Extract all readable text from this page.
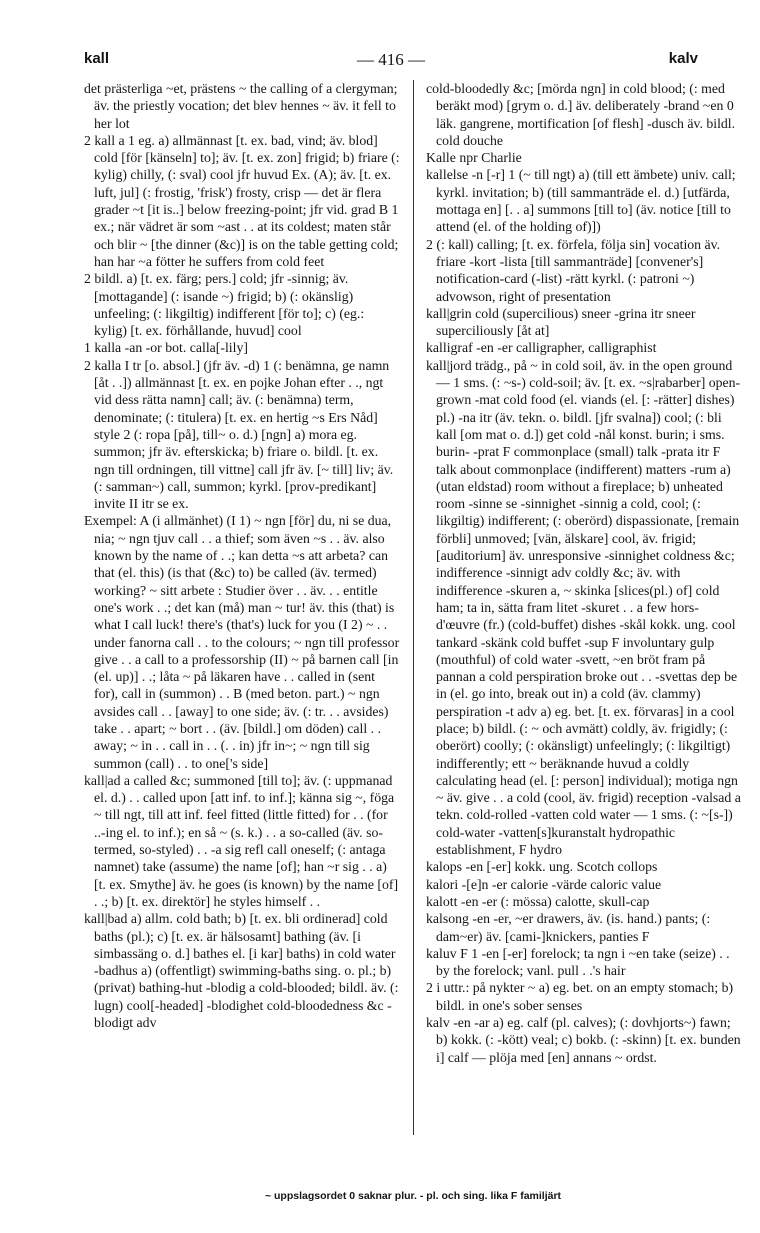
kall	— 416 —	kalv

det prästerliga ~et, prästens ~ the calling of a clergyman; äv. the priestly vocation; det blev hennes ~ äv. it fell to her lot

2 kall a 1 eg. a) allmännast [t. ex. bad, vind; äv. blod] cold [för [känseln] to]; äv. [t. ex. zon] frigid; b) friare (: kylig) chilly, (: sval) cool jfr huvud Ex. (A); äv. [t. ex. luft, jul] (: frostig, 'frisk') frosty, crisp — det är flera grader ~t [it is..] below freezing-point; jfr vid. grad B 1 ex.; när vädret är som ~ast . . at its coldest; maten står och blir ~ [the dinner (&c)] is on the table getting cold; han har ~a fötter he suffers from cold feet

2 bildl. a) [t. ex. färg; pers.] cold; jfr -sinnig; äv. [mottagande] (: isande ~) frigid; b) (: okänslig) unfeeling; (: likgiltig) indifferent [för to]; c) (eg.: kylig) [t. ex. förhållande, huvud] cool

1 kalla -an -or bot. calla[-lily]

2 kalla I tr [o. absol.] (jfr äv. -d) 1 (: benämna, ge namn [åt . .]) allmännast [t. ex. en pojke Johan efter . ., ngt vid dess rätta namn] call; äv. (: benämna) term, denominate; (: titulera) [t. ex. en hertig ~s Ers Nåd] style 2 (: ropa [på], till~ o. d.) [ngn] a) mora eg. summon; jfr äv. efterskicka; b) friare o. bildl. [t. ex. ngn till ordningen, till vittne] call jfr äv. [~ till] liv; äv. (: samman~) call, summon; kyrkl. [prov-predikant] invite II itr se ex.

Exempel: A (i allmänhet) (I 1) ~ ngn [för] du, ni se dua, nia; ~ ngn tjuv call . . a thief; som även ~s . . äv. also known by the name of . .; kan detta ~s att arbeta? can that (el. this) (is that (&c) to) be called (äv. termed) working? ~ sitt arbete : Studier över . . äv. . . entitle one's work . .; det kan (må) man ~ tur! äv. this (that) is what I call luck! there's (that's) luck for you (I 2) ~ . . under fanorna call . . to the colours; ~ ngn till professor give . . a call to a professorship (II) ~ på barnen call [in (el. up)] . .; låta ~ på läkaren have . . called in (sent for), call in (summon) . . B (med beton. part.) ~ ngn avsides call . . [away] to one side; äv. (: tr. . . avsides) take . . apart; ~ bort . . (äv. [bildl.] om döden) call . . away; ~ in . . call in . . (. . in) jfr in~; ~ ngn till sig summon (call) . . to one['s side]

kall|ad a called &c; summoned [till to]; äv. (: uppmanad el. d.) . . called upon [att inf. to inf.]; känna sig ~, föga ~ till ngt, till att inf. feel fitted (little fitted) for . . (for ..-ing el. to inf.); en så ~ (s. k.) . . a so-called (äv. so-termed, so-styled) . . -a sig refl call oneself; (: antaga namnet) take (assume) the name [of]; han ~r sig . . a) [t. ex. Smythe] äv. he goes (is known) by the name [of] . .; b) [t. ex. direktör] he styles himself . .

kall|bad a) allm. cold bath; b) [t. ex. bli ordinerad] cold baths (pl.); c) [t. ex. är hälsosamt] bathing (äv. [i simbassäng o. d.] bathes el. [i kar] baths) in cold water -badhus a) (offentligt) swimming-baths sing. o. pl.; b) (privat) bathing-hut -blodig a cold-blooded; bildl. äv. (: lugn) cool[-headed] -blodighet cold-bloodedness &c -blodigt adv

cold-bloodedly &c; [mörda ngn] in cold blood; (: med beräkt mod) [grym o. d.] äv. deliberately -brand ~en 0 läk. gangrene, mortification [of flesh] -dusch äv. bildl. cold douche

Kalle npr Charlie

kallelse -n [-r] 1 (~ till ngt) a) (till ett ämbete) univ. call; kyrkl. invitation; b) (till sammanträde el. d.) [utfärda, mottaga en] [. . a] summons [till to] (äv. notice [till to attend (el. of the holding of)])

2 (: kall) calling; [t. ex. förfela, följa sin] vocation äv. friare -kort -lista [till sammanträde] [convener's] notification-card (-list) -rätt kyrkl. (: patroni ~) advowson, right of presentation

kall|grin cold (supercilious) sneer -grina itr sneer superciliously [åt at]

kalligraf -en -er calligrapher, calligraphist

kall|jord trädg., på ~ in cold soil, äv. in the open ground — 1 sms. (: ~s-) cold-soil; äv. [t. ex. ~s|rabarber] open-grown -mat cold food (el. viands (el. [: -rätter] dishes) pl.) -na itr (äv. tekn. o. bildl. [jfr svalna]) cool; (: bli kall [om mat o. d.]) get cold -nål konst. burin; i sms. burin- -prat F commonplace (small) talk -prata itr F talk about commonplace (indifferent) matters -rum a) (utan eldstad) room without a fireplace; b) unheated room -sinne se -sinnighet -sinnig a cold, cool; (: likgiltig) indifferent; (: oberörd) dispassionate, [remain förbli] unmoved; [vän, älskare] cool, äv. frigid; [auditorium] äv. unresponsive -sinnighet coldness &c; indifference -sinnigt adv coldly &c; äv. with indifference -skuren a, ~ skinka [slices(pl.) of] cold ham; ta in, sätta fram litet -skuret . . a few hors-d'œuvre (fr.) (cold-buffet) dishes -skål kokk. ung. cool tankard -skänk cold buffet -sup F involuntary gulp (mouthful) of cold water -svett, ~en bröt fram på pannan a cold perspiration broke out . . -svettas dep be in (el. go into, break out in) a cold (äv. clammy) perspiration -t adv a) eg. bet. [t. ex. förvaras] in a cool place; b) bildl. (: ~ och avmätt) coldly, äv. frigidly; (: oberört) coolly; (: okänsligt) unfeelingly; (: likgiltigt) indifferently; ett ~ beräknande huvud a coldly calculating head (el. [: person] individual); motiga ngn ~ äv. give . . a cold (cool, äv. frigid) reception -valsad a tekn. cold-rolled -vatten cold water — 1 sms. (: ~[s-]) cold-water -vatten[s]kuranstalt hydropathic establishment, F hydro

kalops -en [-er] kokk. ung. Scotch collops

kalori -[e]n -er calorie -värde caloric value

kalott -en -er (: mössa) calotte, skull-cap

kalsong -en -er, ~er drawers, äv. (is. hand.) pants; (: dam~er) äv. [cami-]knickers, panties F

kaluv F 1 -en [-er] forelock; ta ngn i ~en take (seize) . . by the forelock; vanl. pull . .'s hair

2 i uttr.: på nykter ~ a) eg. bet. on an empty stomach; b) bildl. in one's sober senses

kalv -en -ar a) eg. calf (pl. calves); (: dovhjorts~) fawn; b) kokk. (: -kött) veal; c) bokb. (: -skinn) [t. ex. bunden i] calf — plöja med [en] annans ~ ordst.

~ uppslagsordet 0 saknar plur. - pl. och sing. lika F familjärt
